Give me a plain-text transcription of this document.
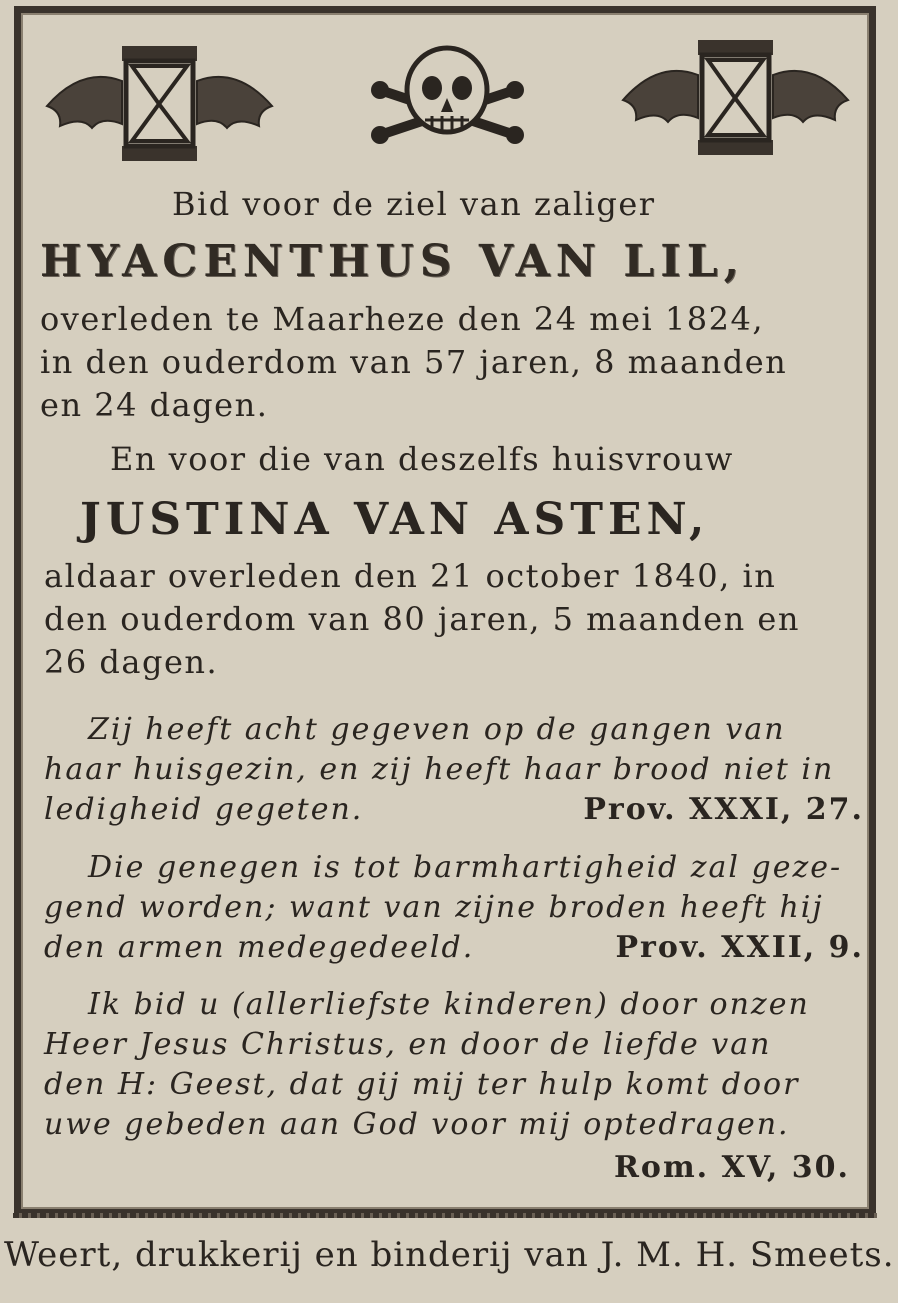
Bid voor de ziel van zaliger
HYACENTHUS VAN LIL,
overleden te Maarheze den 24 mei 1824,
in den ouderdom van 57 jaren, 8 maanden
en 24 dagen.
En voor die van deszelfs huisvrouw
JUSTINA VAN ASTEN,
aldaar overleden den 21 october 1840, in
den ouderdom van 80 jaren, 5 maanden en
26 dagen.
Zij heeft acht gegeven op de gangen van
haar huisgezin, en zij heeft haar brood niet in
ledigheid gegeten.	Prov. XXXI, 27.
Die genegen is tot barmhartigheid zal geze-
gend worden; want van zijne broden heeft hij
den armen medegedeeld.	Prov. XXII, 9.
Ik bid u (allerliefste kinderen) door onzen
Heer Jesus Christus, en door de liefde van
den H: Geest, dat gij mij ter hulp komt door
uwe gebeden aan God voor mij optedragen.
Rom. XV, 30.
Weert, drukkerij en binderij van J. M. H. Smeets.
